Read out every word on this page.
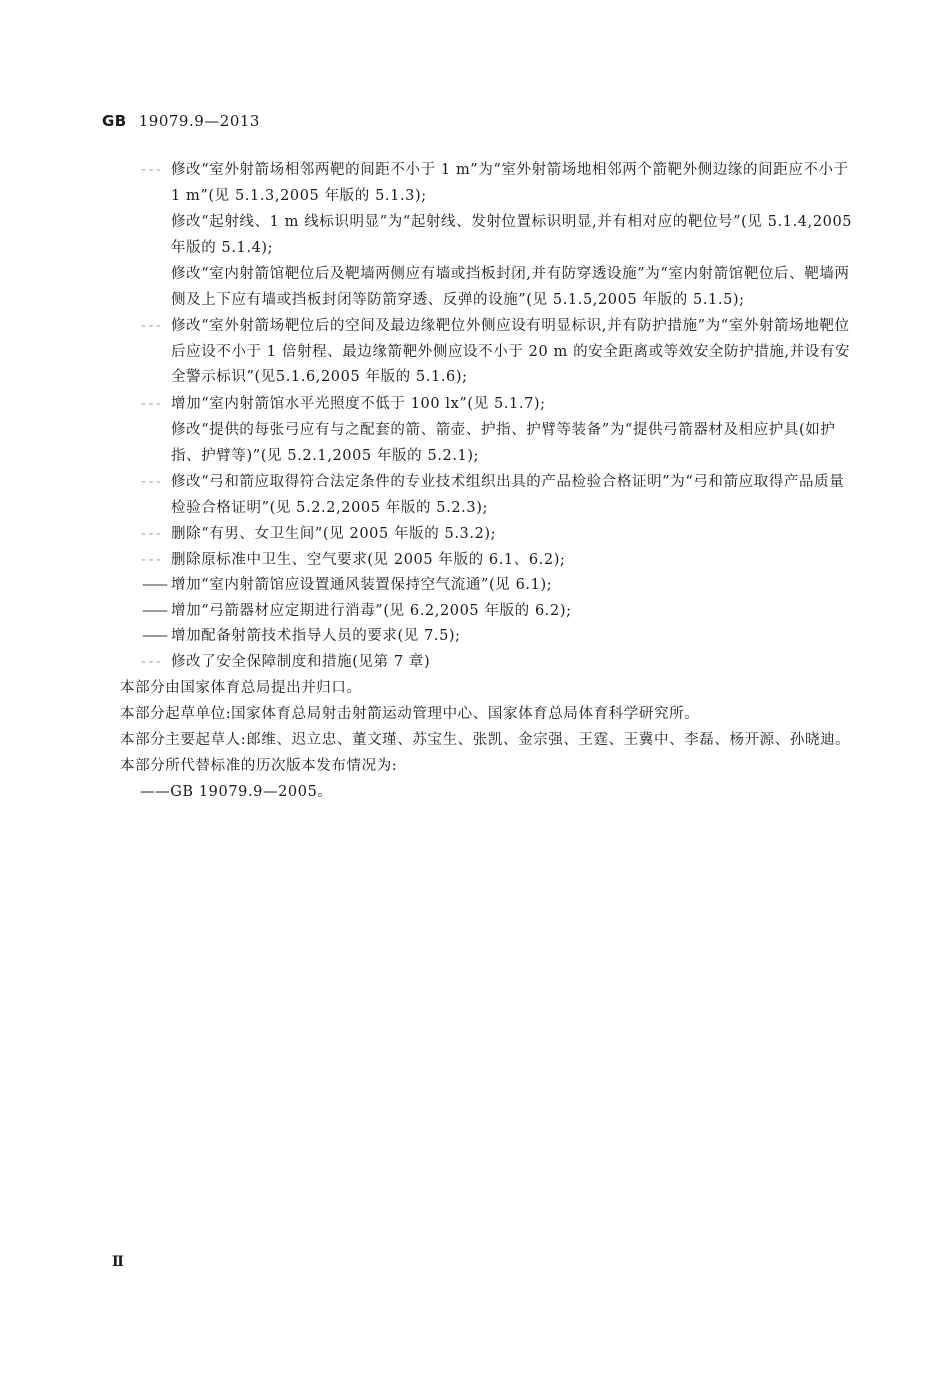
GB 19079.9—2013
- - - 修改“室外射箭场相邻两靶的间距不小于 1 m”为“室外射箭场地相邻两个箭靶外侧边缘的间距应不小于 1 m”(见 5.1.3,2005 年版的 5.1.3);
修改“起射线、1 m 线标识明显”为“起射线、发射位置标识明显,并有相对应的靶位号”(见 5.1.4,2005 年版的 5.1.4);
修改“室内射箭馆靶位后及靶墙两侧应有墙或挡板封闭,并有防穿透设施”为“室内射箭馆靶位后、靶墙两侧及上下应有墙或挡板封闭等防箭穿透、反弹的设施”(见 5.1.5,2005 年版的 5.1.5);
- - - 修改“室外射箭场靶位后的空间及最边缘靶位外侧应设有明显标识,并有防护措施”为“室外射箭场地靶位后应设不小于 1 倍射程、最边缘箭靶外侧应设不小于 20 m 的安全距离或等效安全防护措施,并设有安全警示标识”(见5.1.6,2005 年版的 5.1.6);
- - - 增加“室内射箭馆水平光照度不低于 100 lx”(见 5.1.7);
修改“提供的每张弓应有与之配套的箭、箭壶、护指、护臂等装备”为“提供弓箭器材及相应护具(如护指、护臂等)”(见 5.2.1,2005 年版的 5.2.1);
- - - 修改“弓和箭应取得符合法定条件的专业技术组织出具的产品检验合格证明”为“弓和箭应取得产品质量检验合格证明”(见 5.2.2,2005 年版的 5.2.3);
- - - 删除“有男、女卫生间”(见 2005 年版的 5.3.2);
- - - 删除原标准中卫生、空气要求(见 2005 年版的 6.1、6.2);
—— 增加“室内射箭馆应设置通风装置保持空气流通”(见 6.1);
—— 增加“弓箭器材应定期进行消毒”(见 6.2,2005 年版的 6.2);
—— 增加配备射箭技术指导人员的要求(见 7.5);
- - - 修改了安全保障制度和措施(见第 7 章)
本部分由国家体育总局提出并归口。
本部分起草单位:国家体育总局射击射箭运动管理中心、国家体育总局体育科学研究所。
本部分主要起草人:郎维、迟立忠、董文瑾、苏宝生、张凯、金宗强、王霆、王冀中、李磊、杨开源、孙晓迪。
本部分所代替标准的历次版本发布情况为:
——GB 19079.9—2005。
Ⅱ
